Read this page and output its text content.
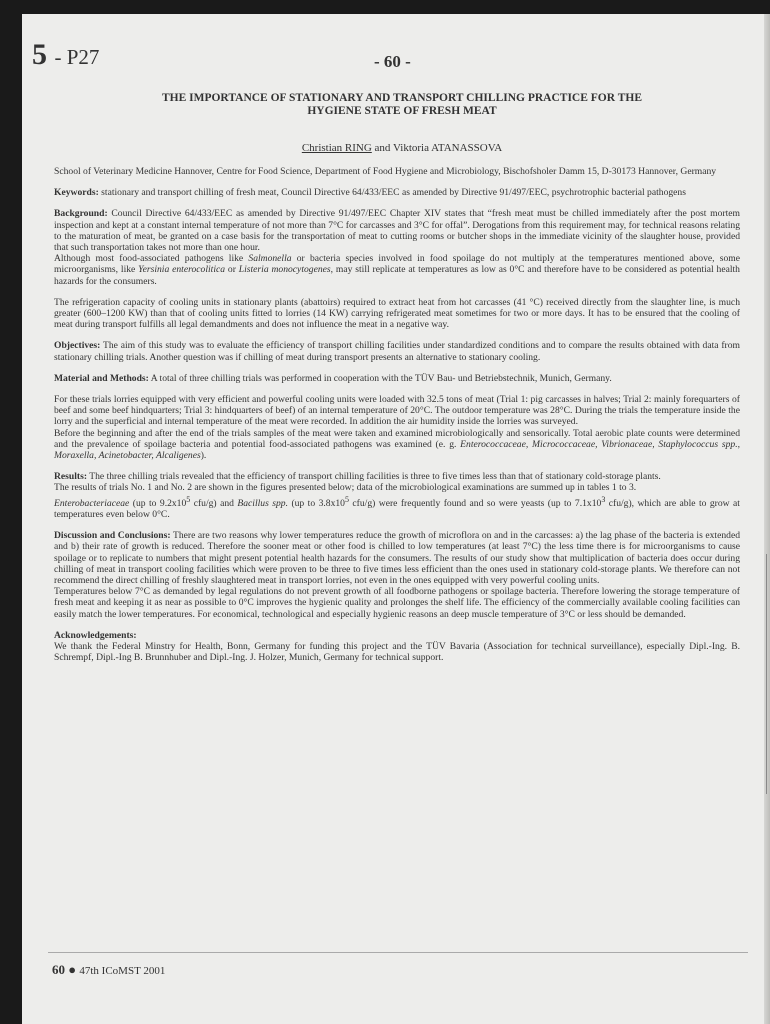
5 - P27	- 60 -
THE IMPORTANCE OF STATIONARY AND TRANSPORT CHILLING PRACTICE FOR THE
HYGIENE STATE OF FRESH MEAT
Christian RING and Viktoria ATANASSOVA

School of Veterinary Medicine Hannover, Centre for Food Science, Department of Food Hygiene and Microbiology, Bischofsholer Damm 15, D-30173 Hannover, Germany

Keywords: stationary and transport chilling of fresh meat, Council Directive 64/433/EEC as amended by Directive 91/497/EEC, psychrotrophic bacterial pathogens

Background: Council Directive 64/433/EEC as amended by Directive 91/497/EEC Chapter XIV states that “fresh meat must be chilled immediately after the post mortem inspection and kept at a constant internal temperature of not more than 7°C for carcasses and 3°C for offal”. Derogations from this requirement may, for technical reasons relating to the maturation of meat, be granted on a case basis for the transportation of meat to cutting rooms or butcher shops in the immediate vicinity of the slaughter house, provided that such transportation takes not more than one hour.

Although most food-associated pathogens like Salmonella or bacteria species involved in food spoilage do not multiply at the temperatures mentioned above, some microorganisms, like Yersinia enterocolitica or Listeria monocytogenes, may still replicate at temperatures as low as 0°C and therefore have to be considered as potential health hazards for the consumers.

The refrigeration capacity of cooling units in stationary plants (abattoirs) required to extract heat from hot carcasses (41 °C) received directly from the slaughter line, is much greater (600–1200 KW) than that of cooling units fitted to lorries (14 KW) carrying refrigerated meat sometimes for two or more days. It has to be ensured that the cooling of meat during transport fulfills all legal demandments and does not influence the meat in a negative way.

Objectives: The aim of this study was to evaluate the efficiency of transport chilling facilities under standardized conditions and to compare the results obtained with data from stationary chilling trials. Another question was if chilling of meat during transport presents an alternative to stationary cooling.

Material and Methods: A total of three chilling trials was performed in cooperation with the TÜV Bau- und Betriebstechnik, Munich, Germany.

For these trials lorries equipped with very efficient and powerful cooling units were loaded with 32.5 tons of meat (Trial 1: pig carcasses in halves; Trial 2: mainly forequarters of beef and some beef hindquarters; Trial 3: hindquarters of beef) of an internal temperature of 20°C. The outdoor temperature was 28°C. During the trials the temperature inside the lorry and the superficial and internal temperature of the meat were recorded. In addition the air humidity inside the lorries was surveyed.

Before the beginning and after the end of the trials samples of the meat were taken and examined microbiologically and sensorically. Total aerobic plate counts were determined and the prevalence of spoilage bacteria and potential food-associated pathogens was examined (e. g. Enterococcaceae, Micrococcaceae, Vibrionaceae, Staphylococcus spp., Moraxella, Acinetobacter, Alcaligenes).

Results: The three chilling trials revealed that the efficiency of transport chilling facilities is three to five times less than that of stationary cold-storage plants.

The results of trials No. 1 and No. 2 are shown in the figures presented below; data of the microbiological examinations are summed up in tables 1 to 3.

Enterobacteriaceae (up to $9.2x10^5$ cfu/g) and Bacillus spp. (up to $3.8x10^5$ cfu/g) were frequently found and so were yeasts (up to $7.1x10^3$ cfu/g), which are able to grow at temperatures even below 0°C.

Discussion and Conclusions: There are two reasons why lower temperatures reduce the growth of microflora on and in the carcasses: a) the lag phase of the bacteria is extended and b) their rate of growth is reduced. Therefore the sooner meat or other food is chilled to low temperatures (at least 7°C) the less time there is for microorganisms to cause spoilage or to replicate to numbers that might present potential health hazards for the consumers. The results of our study show that multiplication of bacteria does occur during chilling of meat in transport cooling facilities which were proven to be three to five times less efficient than the ones used in stationary cold-storage plants. We therefore can not recommend the direct chilling of freshly slaughtered meat in transport lorries, not even in the ones equipped with very powerful cooling units.

Temperatures below 7°C as demanded by legal regulations do not prevent growth of all foodborne pathogens or spoilage bacteria. Therefore lowering the storage temperature of fresh meat and keeping it as near as possible to 0°C improves the hygienic quality and prolonges the shelf life. The efficiency of the commercially available cooling facilities can easily match the lower temperatures. For economical, technological and especially hygienic reasons an deep muscle temperature of 3°C or less should be demanded.

Acknowledgements:

We thank the Federal Minstry for Health, Bonn, Germany for funding this project and the TÜV Bavaria (Association for technical surveillance), especially Dipl.-Ing. B. Schrempf, Dipl.-Ing B. Brunnhuber and Dipl.-Ing. J. Holzer, Munich, Germany for technical support.

60 ● 47th ICoMST 2001
